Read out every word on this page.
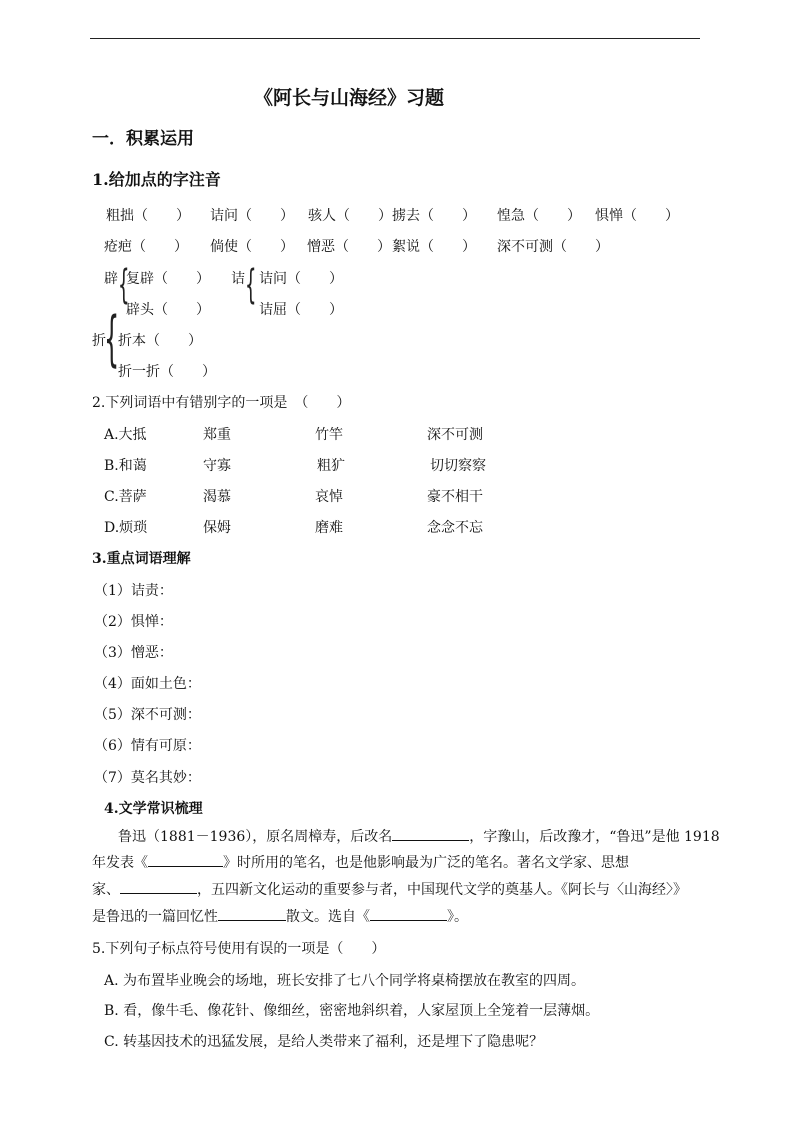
《阿长与山海经》习题
一．积累运用
1.给加点的字注音
粗拙（　　） 诘问（　　） 骇人（　　） 掳去（　　） 惶急（　　） 惧惮（　　）
疮疤（　　） 倘使（　　） 憎恶（　　） 絮说（　　） 深不可测（　　）
辟 {
复辟（　　）
辟头（　　）
诘 { 诘问（　　）
诘屈（　　）
折
{
折本（　　）
折一折（　　）
2.下列词语中有错别字的一项是　（　　）
A.大抵	郑重	竹竿	深不可测
B.和蔼	守寡	粗犷	切切察察
C.菩萨	渴慕	哀悼	豪不相干
D.烦琐	保姆	磨难	念念不忘
3.重点词语理解
（1）诘责：
（2）惧惮：
（3）憎恶：
（4）面如土色：
（5）深不可测：
（6）情有可原：
（7）莫名其妙：
4.文学常识梳理
鲁迅（1881－1936），原名周樟寿，后改名	，字豫山，后改豫才，“鲁迅”是他 1918
年发表《	》时所用的笔名，也是他影响最为广泛的笔名。著名文学家、思想
家、	，五四新文化运动的重要参与者，中国现代文学的奠基人。《阿长与〈山海经〉》
是鲁迅的一篇回忆性	散文。选自《	》。
5.下列句子标点符号使用有误的一项是（　　）
A. 为布置毕业晚会的场地，班长安排了七八个同学将桌椅摆放在教室的四周。
B. 看，像牛毛、像花针、像细丝，密密地斜织着，人家屋顶上全笼着一层薄烟。
C. 转基因技术的迅猛发展，是给人类带来了福利，还是埋下了隐患呢？
